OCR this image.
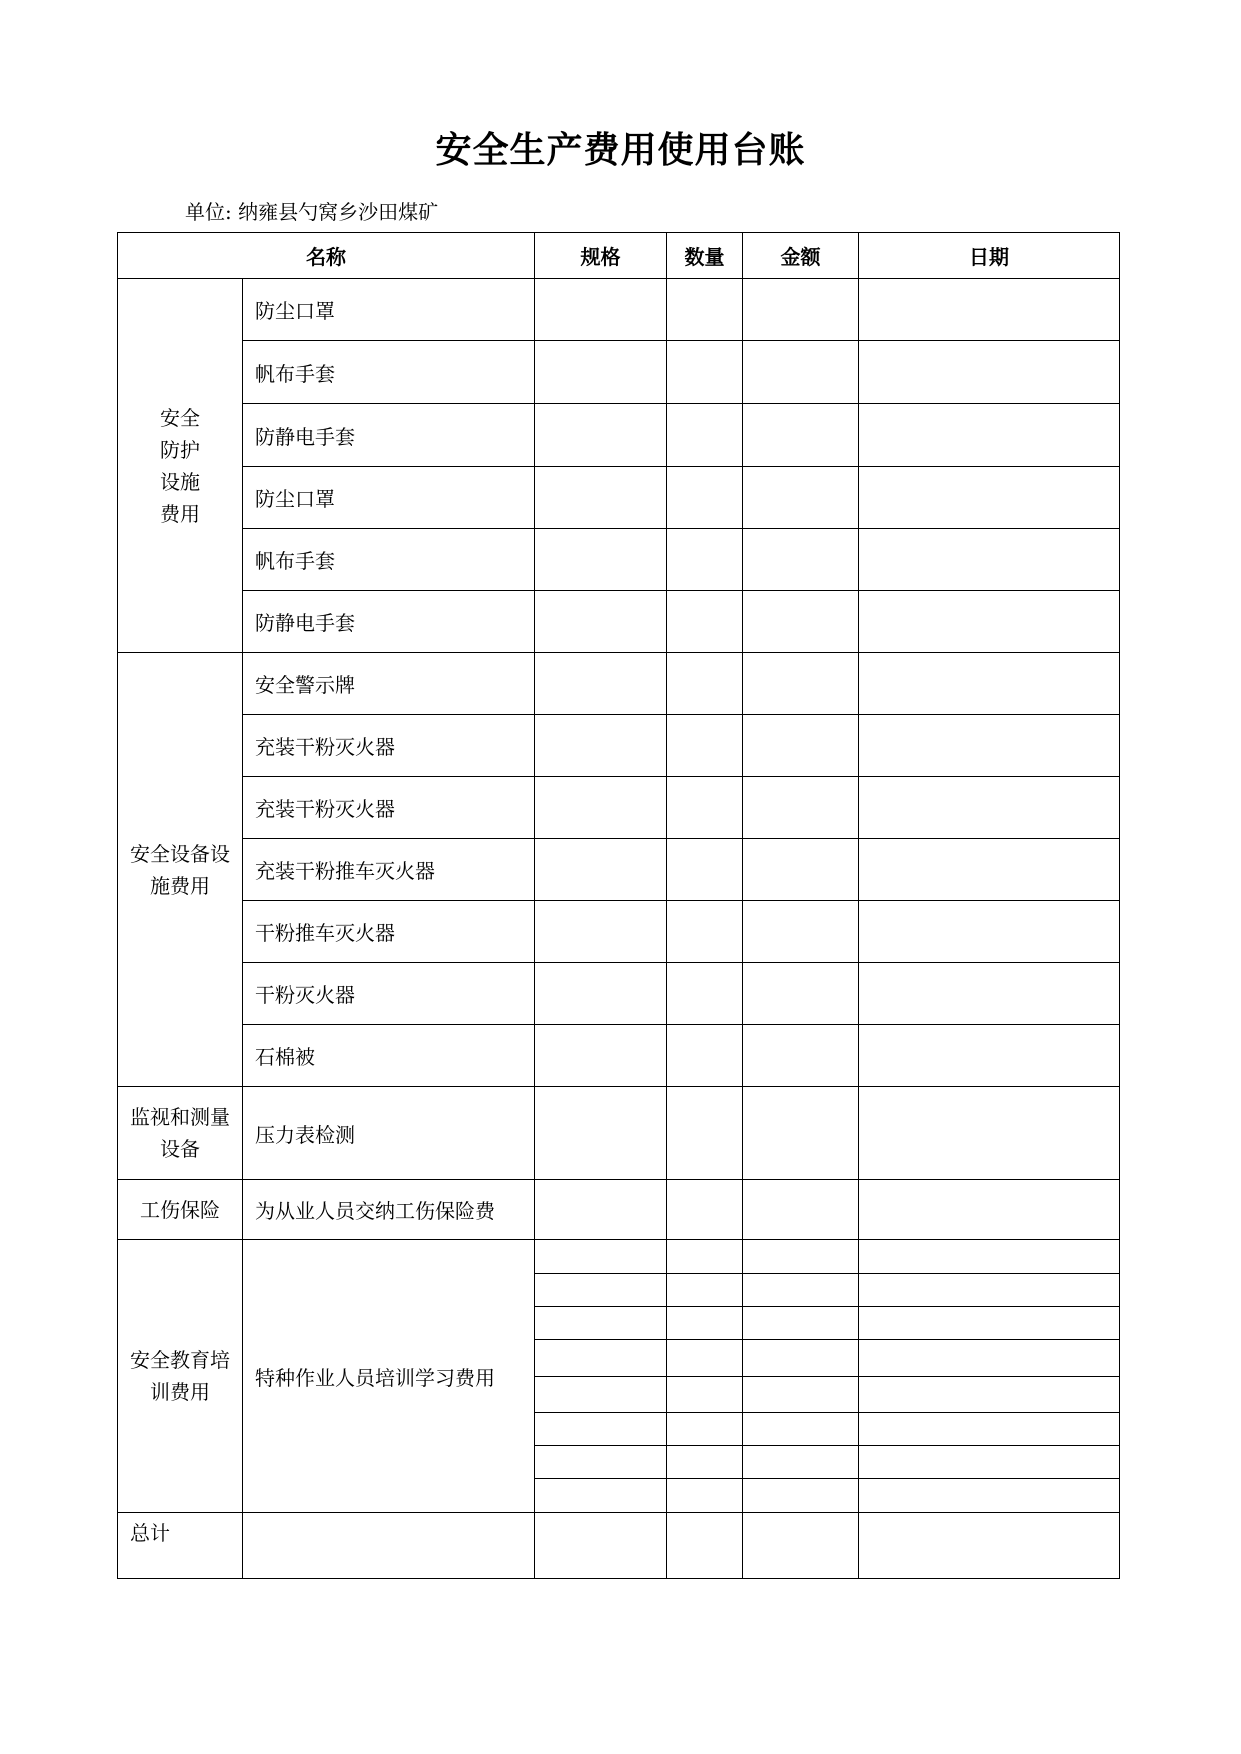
安全生产费用使用台账
单位: 纳雍县勺窝乡沙田煤矿
名称		规格	数量	金额	日期
安全防护设施费用	防尘口罩				
	帆布手套				
	防静电手套				
	防尘口罩				
	帆布手套				
	防静电手套				
安全设备设施费用	安全警示牌				
	充装干粉灭火器				
	充装干粉灭火器				
	充装干粉推车灭火器				
	干粉推车灭火器				
	干粉灭火器				
	石棉被				
监视和测量设备	压力表检测				
工伤保险	为从业人员交纳工伤保险费				
安全教育培训费用	特种作业人员培训学习费用				

总计					
